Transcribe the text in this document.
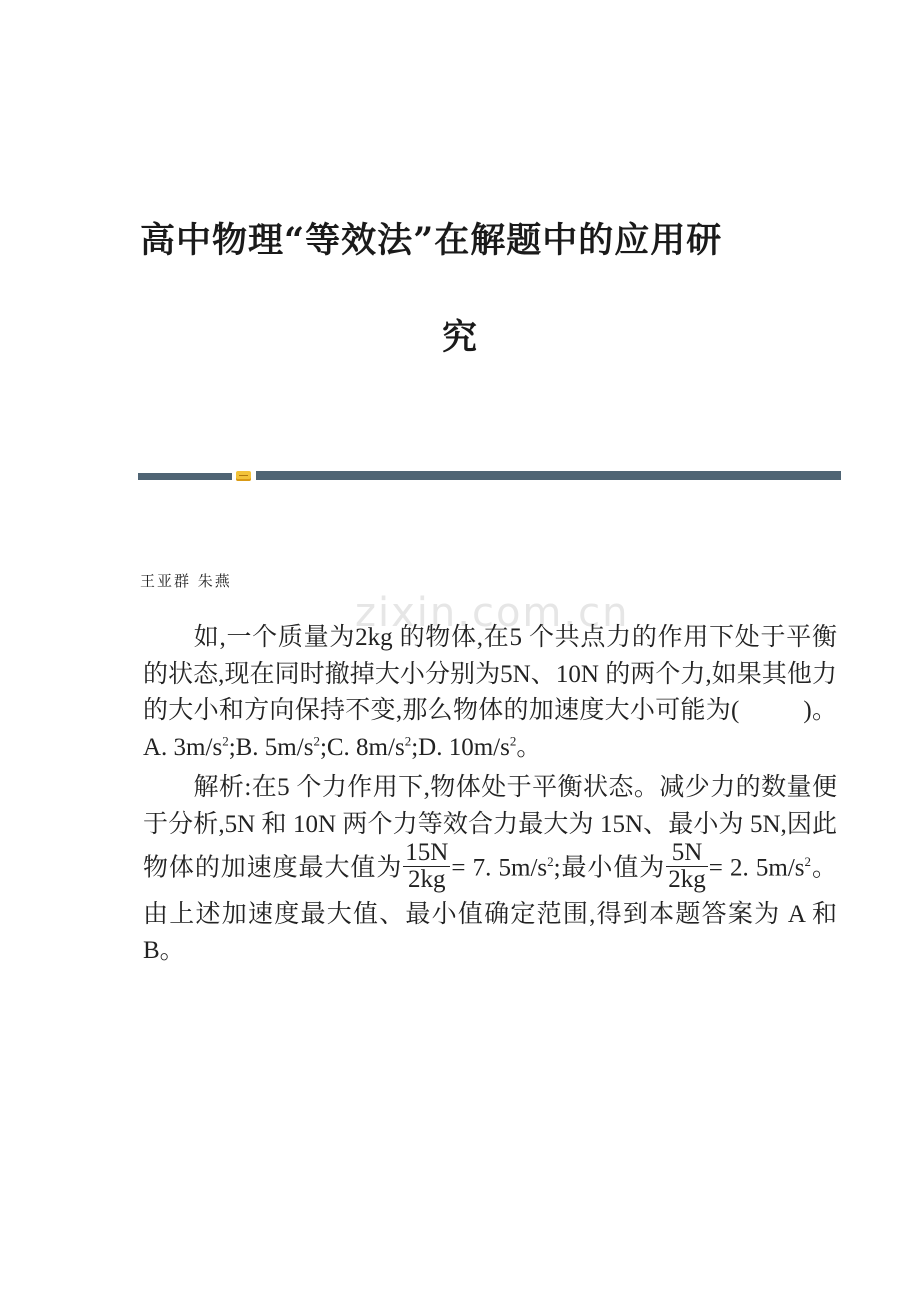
高中物理“等效法”在解题中的应用研
究

王亚群 朱燕

zixin.com.cn

如,一个质量为2kg 的物体,在5 个共点力的作用下处于平衡的状态,现在同时撤掉大小分别为5N、10N 的两个力,如果其他力的大小和方向保持不变,那么物体的加速度大小可能为(	)。A. $3m/s^2;B$. $5m/s^2;C$. $8m/s^2;D$. $10m/s^2$。

解析:在5 个力作用下,物体处于平衡状态。减少力的数量便于分析,5N 和 10N 两个力等效合力最大为 15N、最小为 5N,因此物体的加速度最大值为 $\frac{15N}{2kg} = 7$. $5m/s^2$;最小值为 $\frac{5N}{2kg} = 2$. $5m/s^2$。由上述加速度最大值、最小值确定范围,得到本题答案为 A 和 B。
